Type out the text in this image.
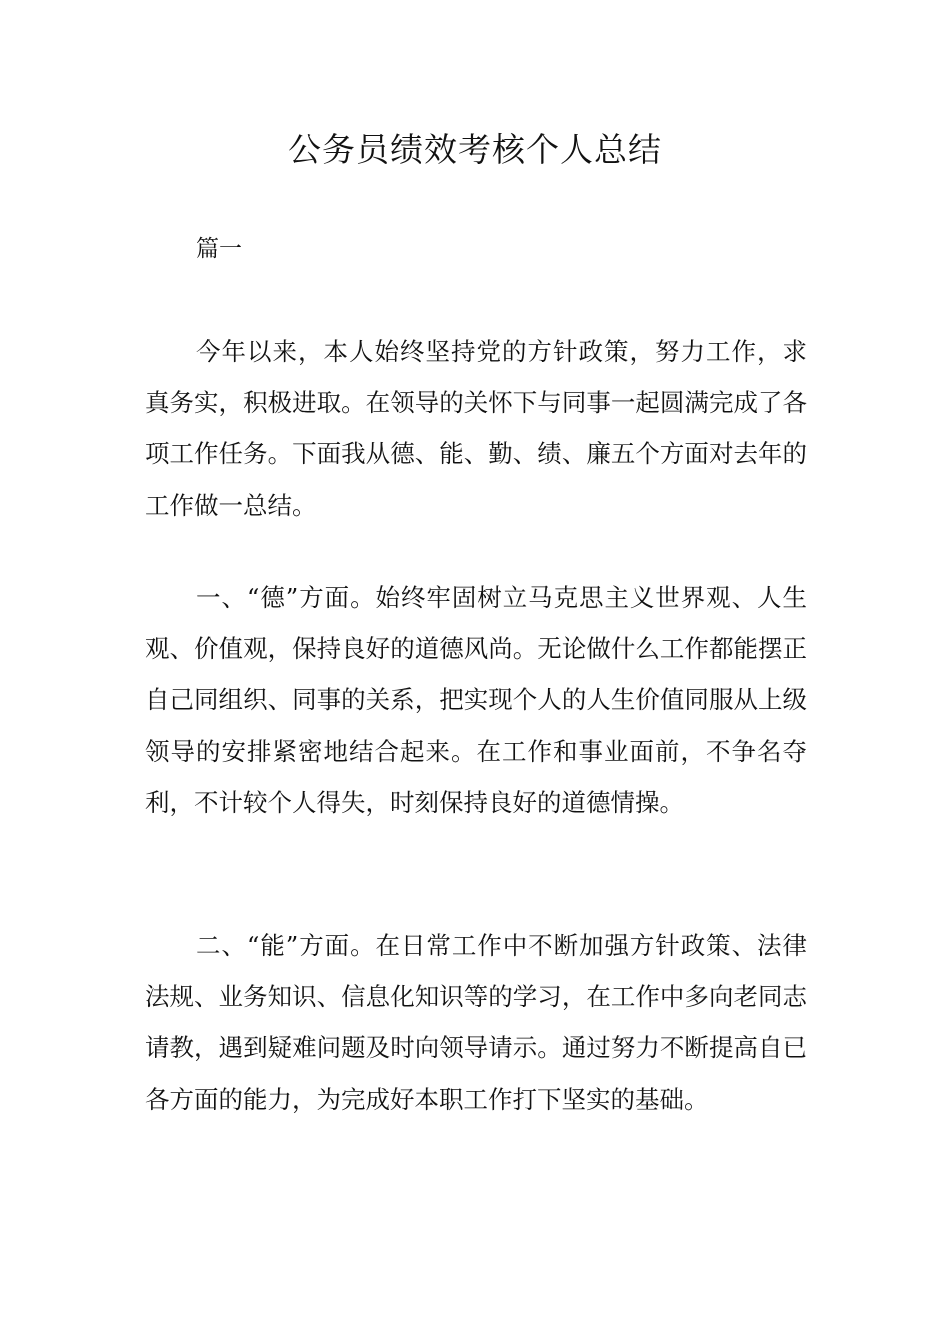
公务员绩效考核个人总结

篇一

今年以来，本人始终坚持党的方针政策，努力工作，求真务实，积极进取。在领导的关怀下与同事一起圆满完成了各项工作任务。下面我从德、能、勤、绩、廉五个方面对去年的工作做一总结。

一、“德”方面。始终牢固树立马克思主义世界观、人生观、价值观，保持良好的道德风尚。无论做什么工作都能摆正自己同组织、同事的关系，把实现个人的人生价值同服从上级领导的安排紧密地结合起来。在工作和事业面前，不争名夺利，不计较个人得失，时刻保持良好的道德情操。

二、“能”方面。在日常工作中不断加强方针政策、法律法规、业务知识、信息化知识等的学习，在工作中多向老同志请教，遇到疑难问题及时向领导请示。通过努力不断提高自已各方面的能力，为完成好本职工作打下坚实的基础。
